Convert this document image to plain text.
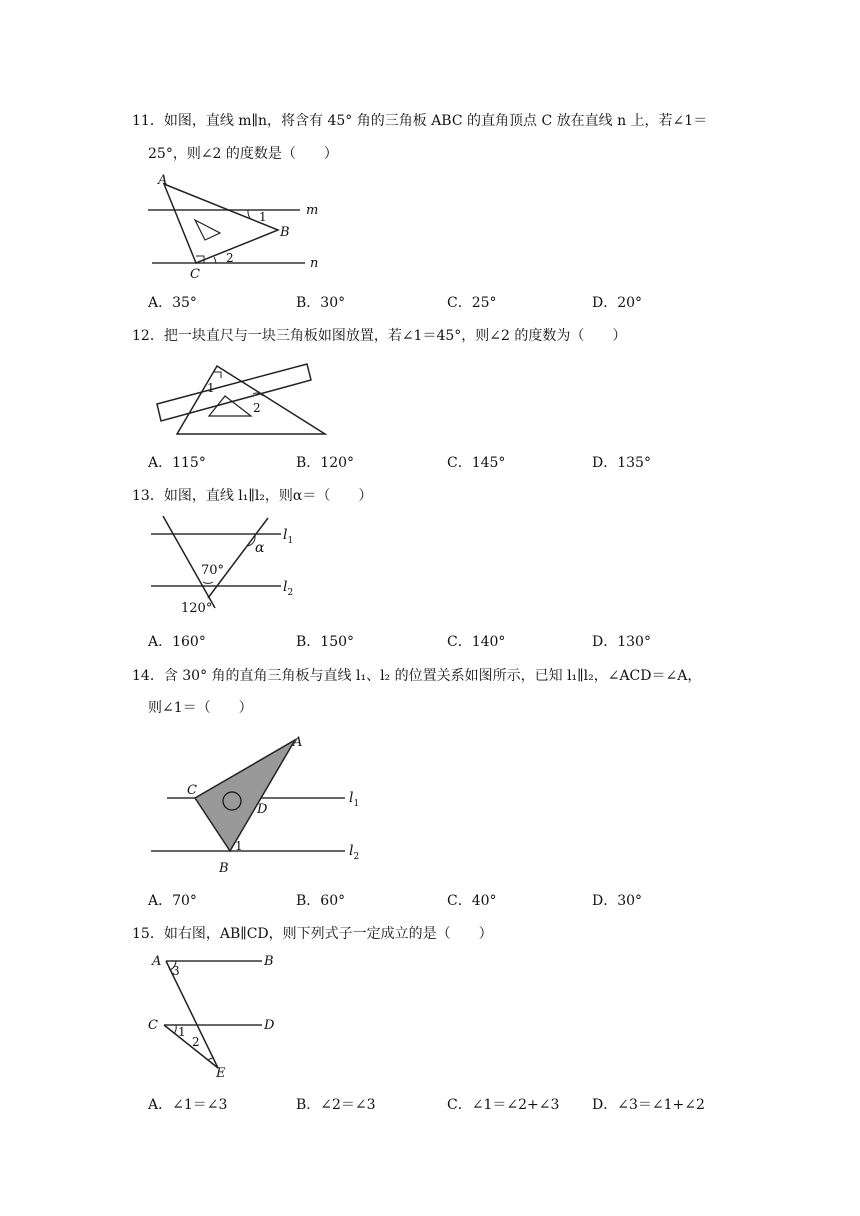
11．如图，直线 m∥n，将含有 45° 角的三角板 ABC 的直角顶点 C 放在直线 n 上，若∠1＝
25°，则∠2 的度数是（　　）
A
B
C
m
n
1
2
A．35°	B．30°	C．25°	D．20°
12．把一块直尺与一块三角板如图放置，若∠1＝45°，则∠2 的度数为（　　）
1
2
A．115°	B．120°	C．145°	D．135°
13．如图，直线 l₁∥l₂，则α＝（　　）
70°
120°
α
$l_1$
$l_2$
A．160°	B．150°	C．140°	D．130°
14．含 30° 角的直角三角板与直线 l₁、l₂ 的位置关系如图所示，已知 l₁∥l₂，∠ACD＝∠A，
则∠1＝（　　）
A
B
C
D
1
$l_1$
$l_2$
A．70°	B．60°	C．40°	D．30°
15．如右图，AB∥CD，则下列式子一定成立的是（　　）
A	B
C	D
E
1
2
3
A．∠1＝∠3	B．∠2＝∠3	C．∠1＝∠2+∠3 D．∠3＝∠1+∠2
